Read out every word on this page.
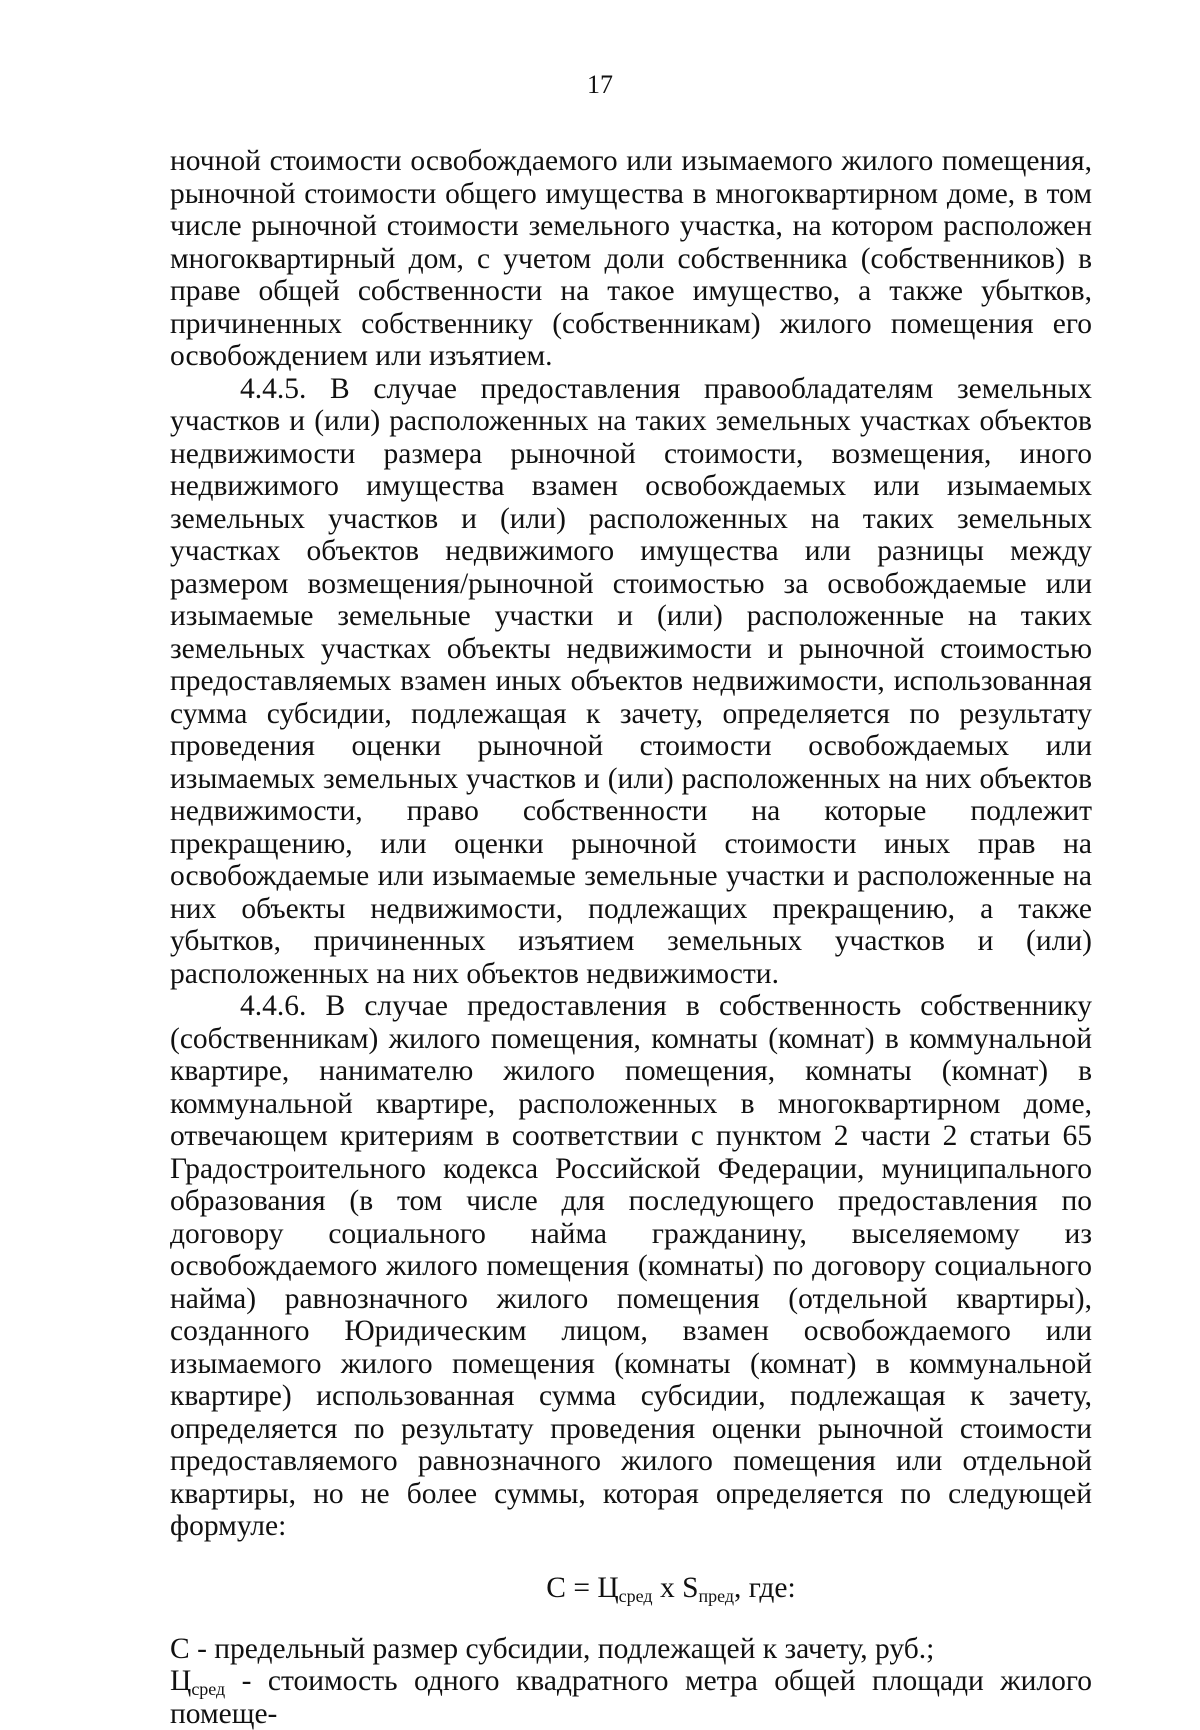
17

ночной стоимости освобождаемого или изымаемого жилого помещения, рыночной стоимости общего имущества в многоквартирном доме, в том числе рыночной стоимости земельного участка, на котором расположен многоквартирный дом, с учетом доли собственника (собственников) в праве общей собственности на такое имущество, а также убытков, причиненных собственнику (собственникам) жилого помещения его освобождением или изъятием.

4.4.5. В случае предоставления правообладателям земельных участков и (или) расположенных на таких земельных участках объектов недвижимости размера рыночной стоимости, возмещения, иного недвижимого имущества взамен освобождаемых или изымаемых земельных участков и (или) расположенных на таких земельных участках объектов недвижимого имущества или разницы между размером возмещения/рыночной стоимостью за освобождаемые или изымаемые земельные участки и (или) расположенные на таких земельных участках объекты недвижимости и рыночной стоимостью предоставляемых взамен иных объектов недвижимости, использованная сумма субсидии, подлежащая к зачету, определяется по результату проведения оценки рыночной стоимости освобождаемых или изымаемых земельных участков и (или) расположенных на них объектов недвижимости, право собственности на которые подлежит прекращению, или оценки рыночной стоимости иных прав на освобождаемые или изымаемые земельные участки и расположенные на них объекты недвижимости, подлежащих прекращению, а также убытков, причиненных изъятием земельных участков и (или) расположенных на них объектов недвижимости.

4.4.6. В случае предоставления в собственность собственнику (собственникам) жилого помещения, комнаты (комнат) в коммунальной квартире, нанимателю жилого помещения, комнаты (комнат) в коммунальной квартире, расположенных в многоквартирном доме, отвечающем критериям в соответствии с пунктом 2 части 2 статьи 65 Градостроительного кодекса Российской Федерации, муниципального образования (в том числе для последующего предоставления по договору социального найма гражданину, выселяемому из освобождаемого жилого помещения (комнаты) по договору социального найма) равнозначного жилого помещения (отдельной квартиры), созданного Юридическим лицом, взамен освобождаемого или изымаемого жилого помещения (комнаты (комнат) в коммунальной квартире) использованная сумма субсидии, подлежащая к зачету, определяется по результату проведения оценки рыночной стоимости предоставляемого равнозначного жилого помещения или отдельной квартиры, но не более суммы, которая определяется по следующей формуле:

$С = Ц_{сред}$ х $S_{пред}$, где:

С - предельный размер субсидии, подлежащей к зачету, руб.;

$Ц_{сред}$ - стоимость одного квадратного метра общей площади жилого помеще-
